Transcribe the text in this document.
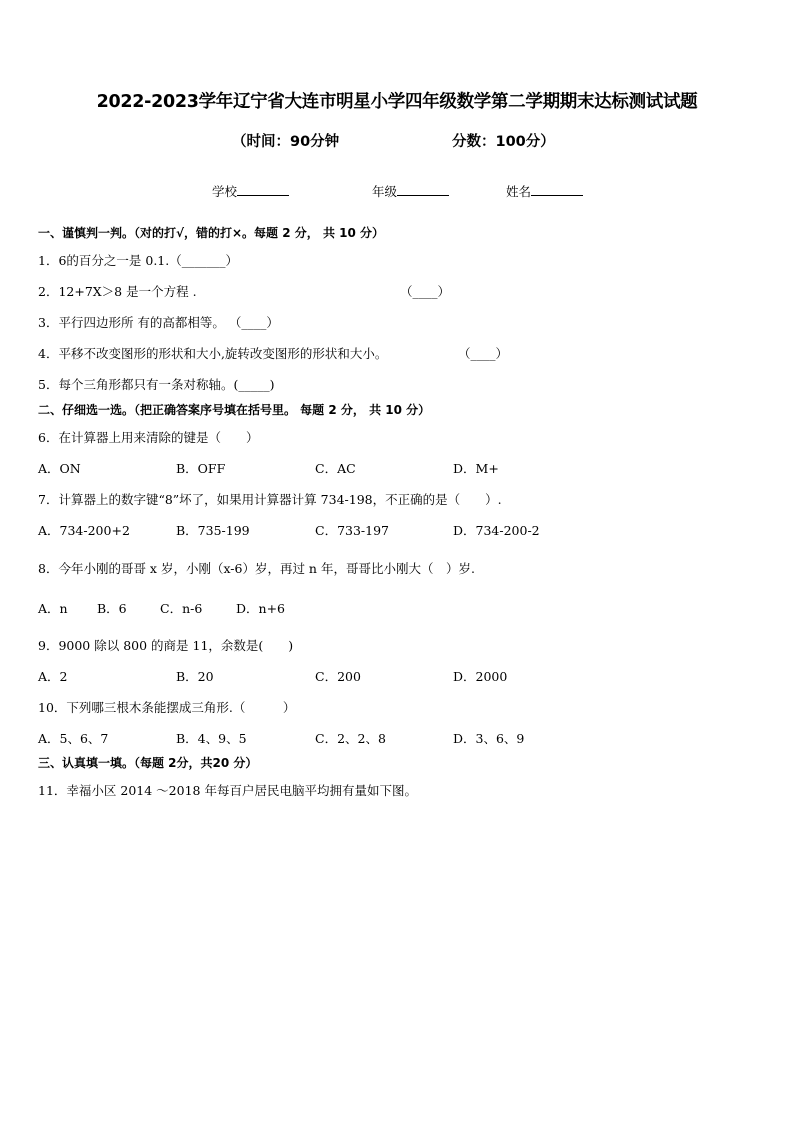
2022-2023学年辽宁省大连市明星小学四年级数学第二学期期末达标测试试题
（时间：90分钟	分数：100分）
学校	年级	姓名
一、谨慎判一判。（对的打√，错的打×。每题 2 分， 共 10 分）
1．6的百分之一是 0.1.（_______）
2．12+7X＞8 是一个方程 .	（____）
3．平行四边形所 有的高都相等。 （____）
4．平移不改变图形的形状和大小,旋转改变图形的形状和大小。	（____）
5．每个三角形都只有一条对称轴。(_____)
二、仔细选一选。（把正确答案序号填在括号里。 每题 2 分， 共 10 分）
6．在计算器上用来清除的键是（　　）
A．ON	B．OFF	C．AC	D．M+
7．计算器上的数字键“8”坏了，如果用计算器计算 734-198，不正确的是（　　）.
A．734-200+2	B．735-199	C．733-197	D．734-200-2
8．今年小刚的哥哥 x 岁，小刚（x-6）岁，再过 n 年，哥哥比小刚大（　）岁.
A．n B．6	C．n-6	D．n+6
9．9000 除以 800 的商是 11，余数是(　　)
A．2	B．20	C．200	D．2000
10．下列哪三根木条能摆成三角形.（　　　）
A．5、6、7	B．4、9、5	C．2、2、8	D．3、6、9
三、认真填一填。（每题 2分，共20 分）
11．幸福小区 2014 ～2018 年每百户居民电脑平均拥有量如下图。
